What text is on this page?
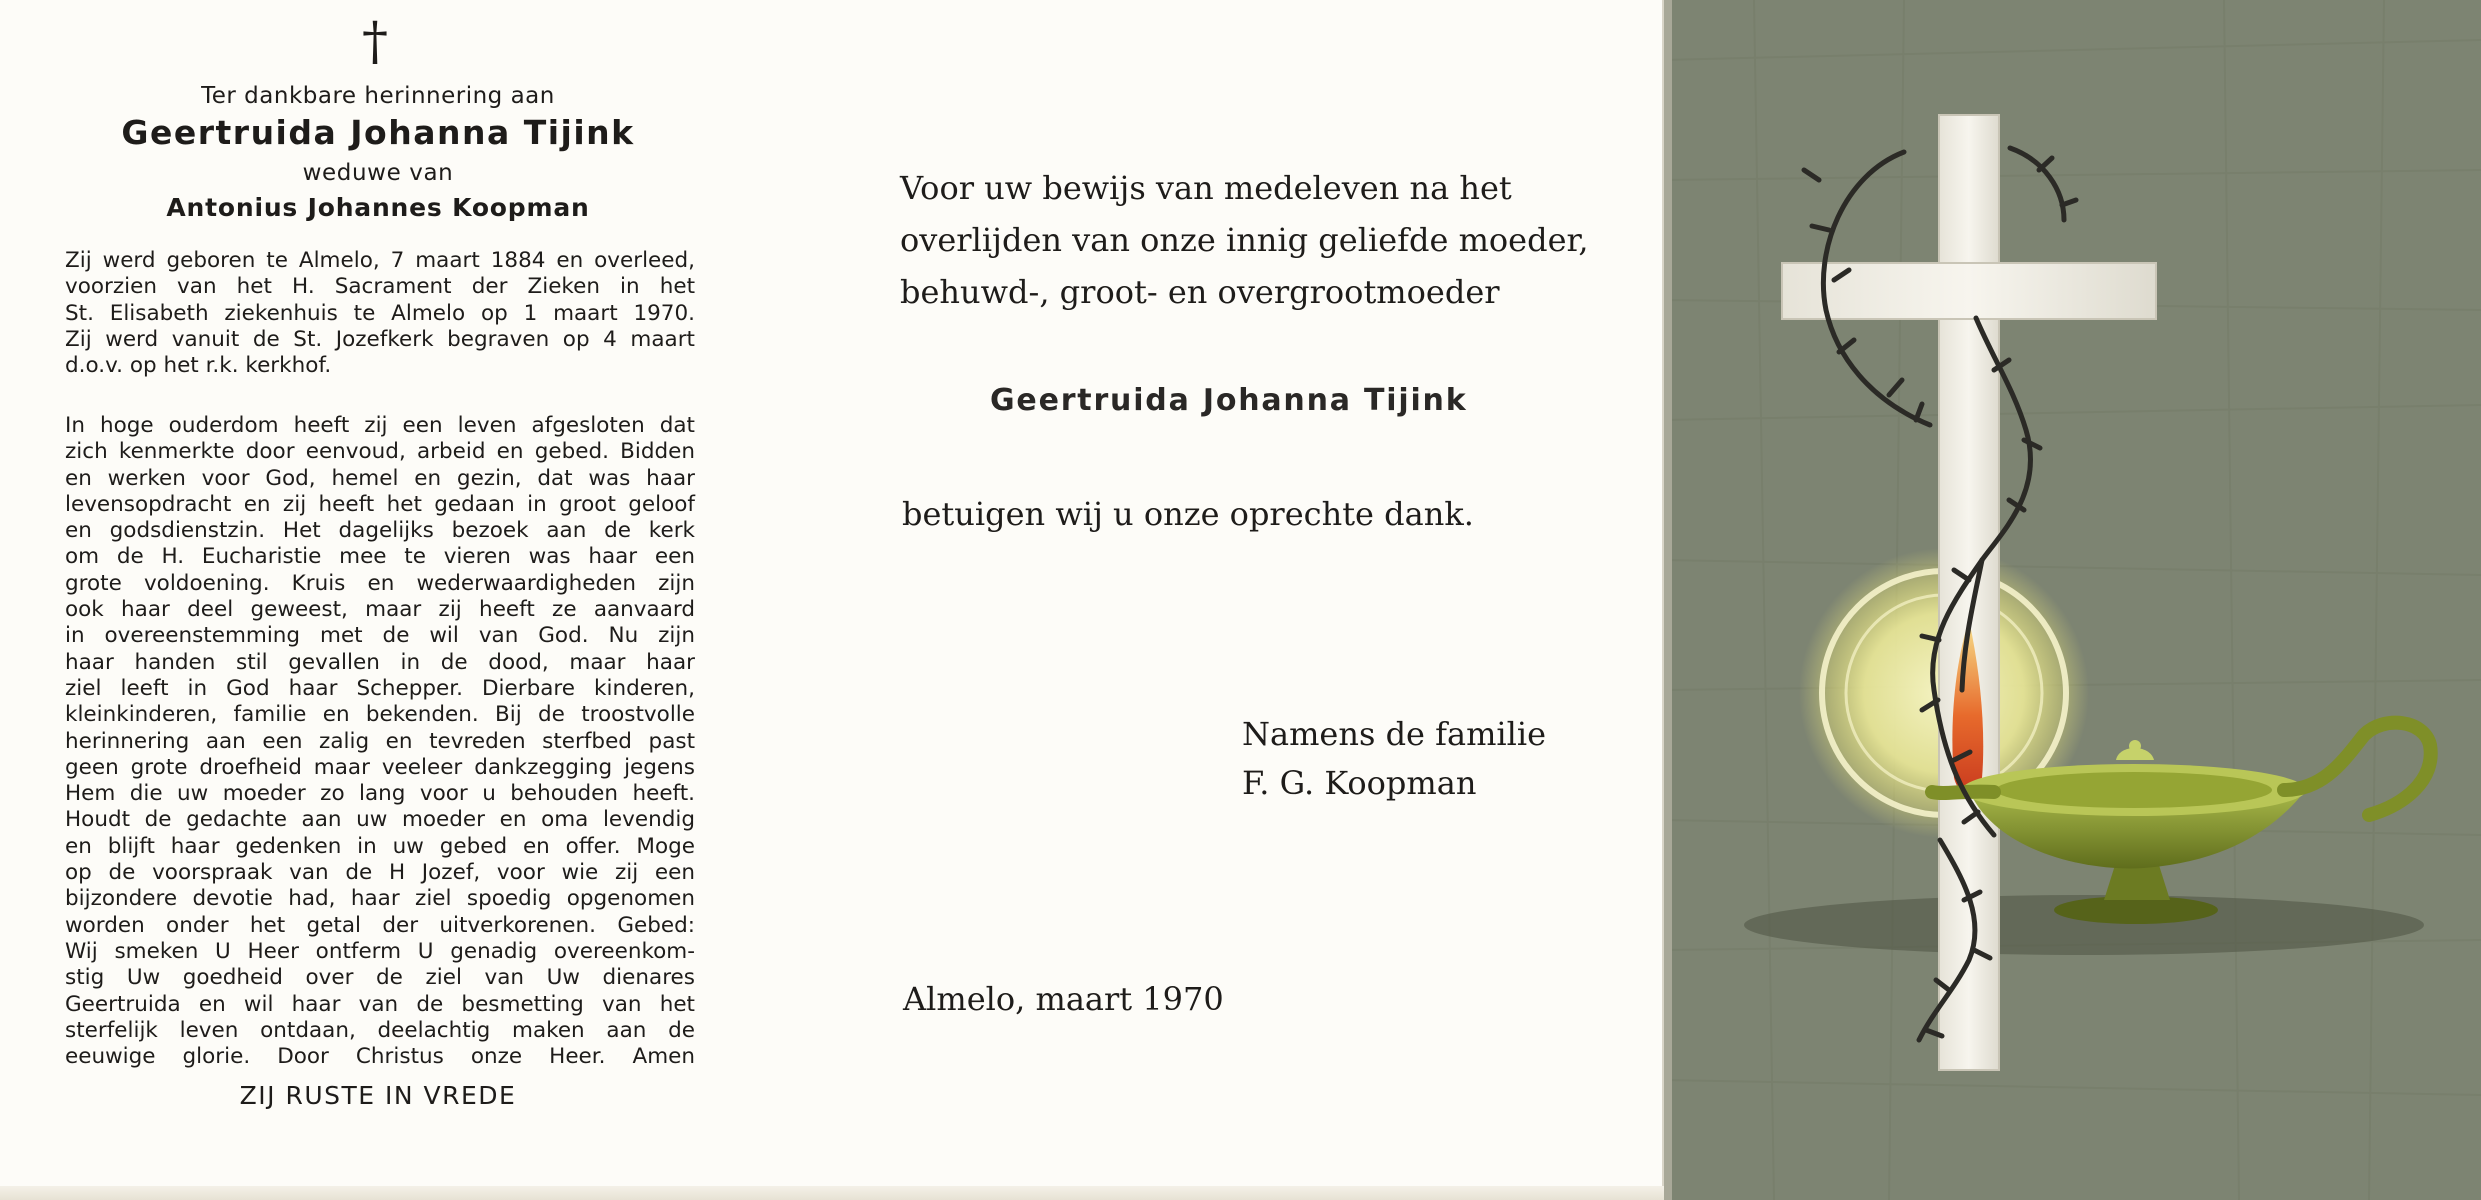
†
Ter dankbare herinnering aan
Geertruida Johanna Tijink
weduwe van
Antonius Johannes Koopman
Zij werd geboren te Almelo, 7 maart 1884 en overleed,
voorzien van het H. Sacrament der Zieken in het
St. Elisabeth ziekenhuis te Almelo op 1 maart 1970.
Zij werd vanuit de St. Jozefkerk begraven op 4 maart
d.o.v. op het r.k. kerkhof.
In hoge ouderdom heeft zij een leven afgesloten dat
zich kenmerkte door eenvoud, arbeid en gebed. Bidden
en werken voor God, hemel en gezin, dat was haar
levensopdracht en zij heeft het gedaan in groot geloof
en godsdienstzin. Het dagelijks bezoek aan de kerk
om de H. Eucharistie mee te vieren was haar een
grote voldoening. Kruis en wederwaardigheden zijn
ook haar deel geweest, maar zij heeft ze aanvaard
in overeenstemming met de wil van God. Nu zijn
haar handen stil gevallen in de dood, maar haar
ziel leeft in God haar Schepper. Dierbare kinderen,
kleinkinderen, familie en bekenden. Bij de troostvolle
herinnering aan een zalig en tevreden sterfbed past
geen grote droefheid maar veeleer dankzegging jegens
Hem die uw moeder zo lang voor u behouden heeft.
Houdt de gedachte aan uw moeder en oma levendig
en blijft haar gedenken in uw gebed en offer. Moge
op de voorspraak van de H Jozef, voor wie zij een
bijzondere devotie had, haar ziel spoedig opgenomen
worden onder het getal der uitverkorenen. Gebed:
Wij smeken U Heer ontferm U genadig overeenkom-
stig Uw goedheid over de ziel van Uw dienares
Geertruida en wil haar van de besmetting van het
sterfelijk leven ontdaan, deelachtig maken aan de
eeuwige glorie. Door Christus onze Heer. Amen
ZIJ RUSTE IN VREDE
Voor uw bewijs van medeleven na het
overlijden van onze innig geliefde moeder,
behuwd-, groot- en overgrootmoeder
Geertruida Johanna Tijink
betuigen wij u onze oprechte dank.
Namens de familie
F. G. Koopman
Almelo, maart 1970
